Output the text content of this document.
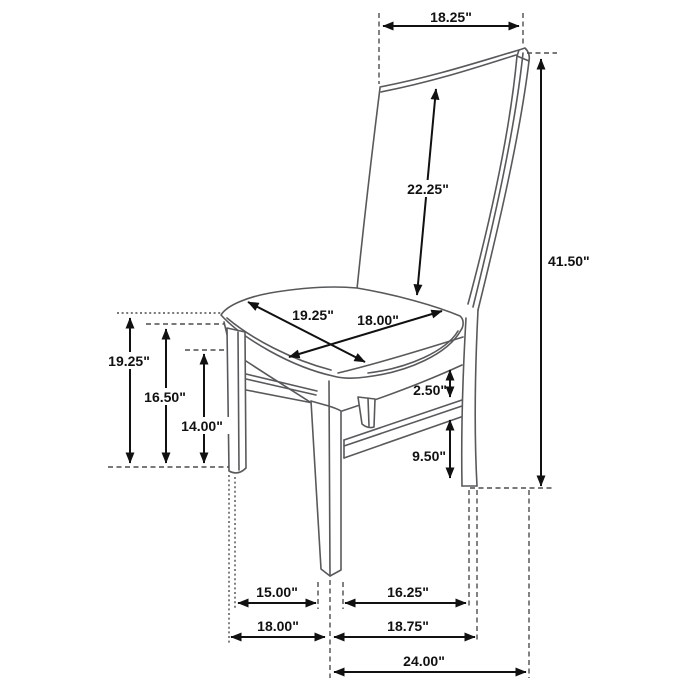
18.25"
22.25"
41.50"
19.25"
16.50"
14.00"
19.25" 18.00"
2.50"
9.50"
15.00"	16.25"
18.00"	18.75"
24.00"
